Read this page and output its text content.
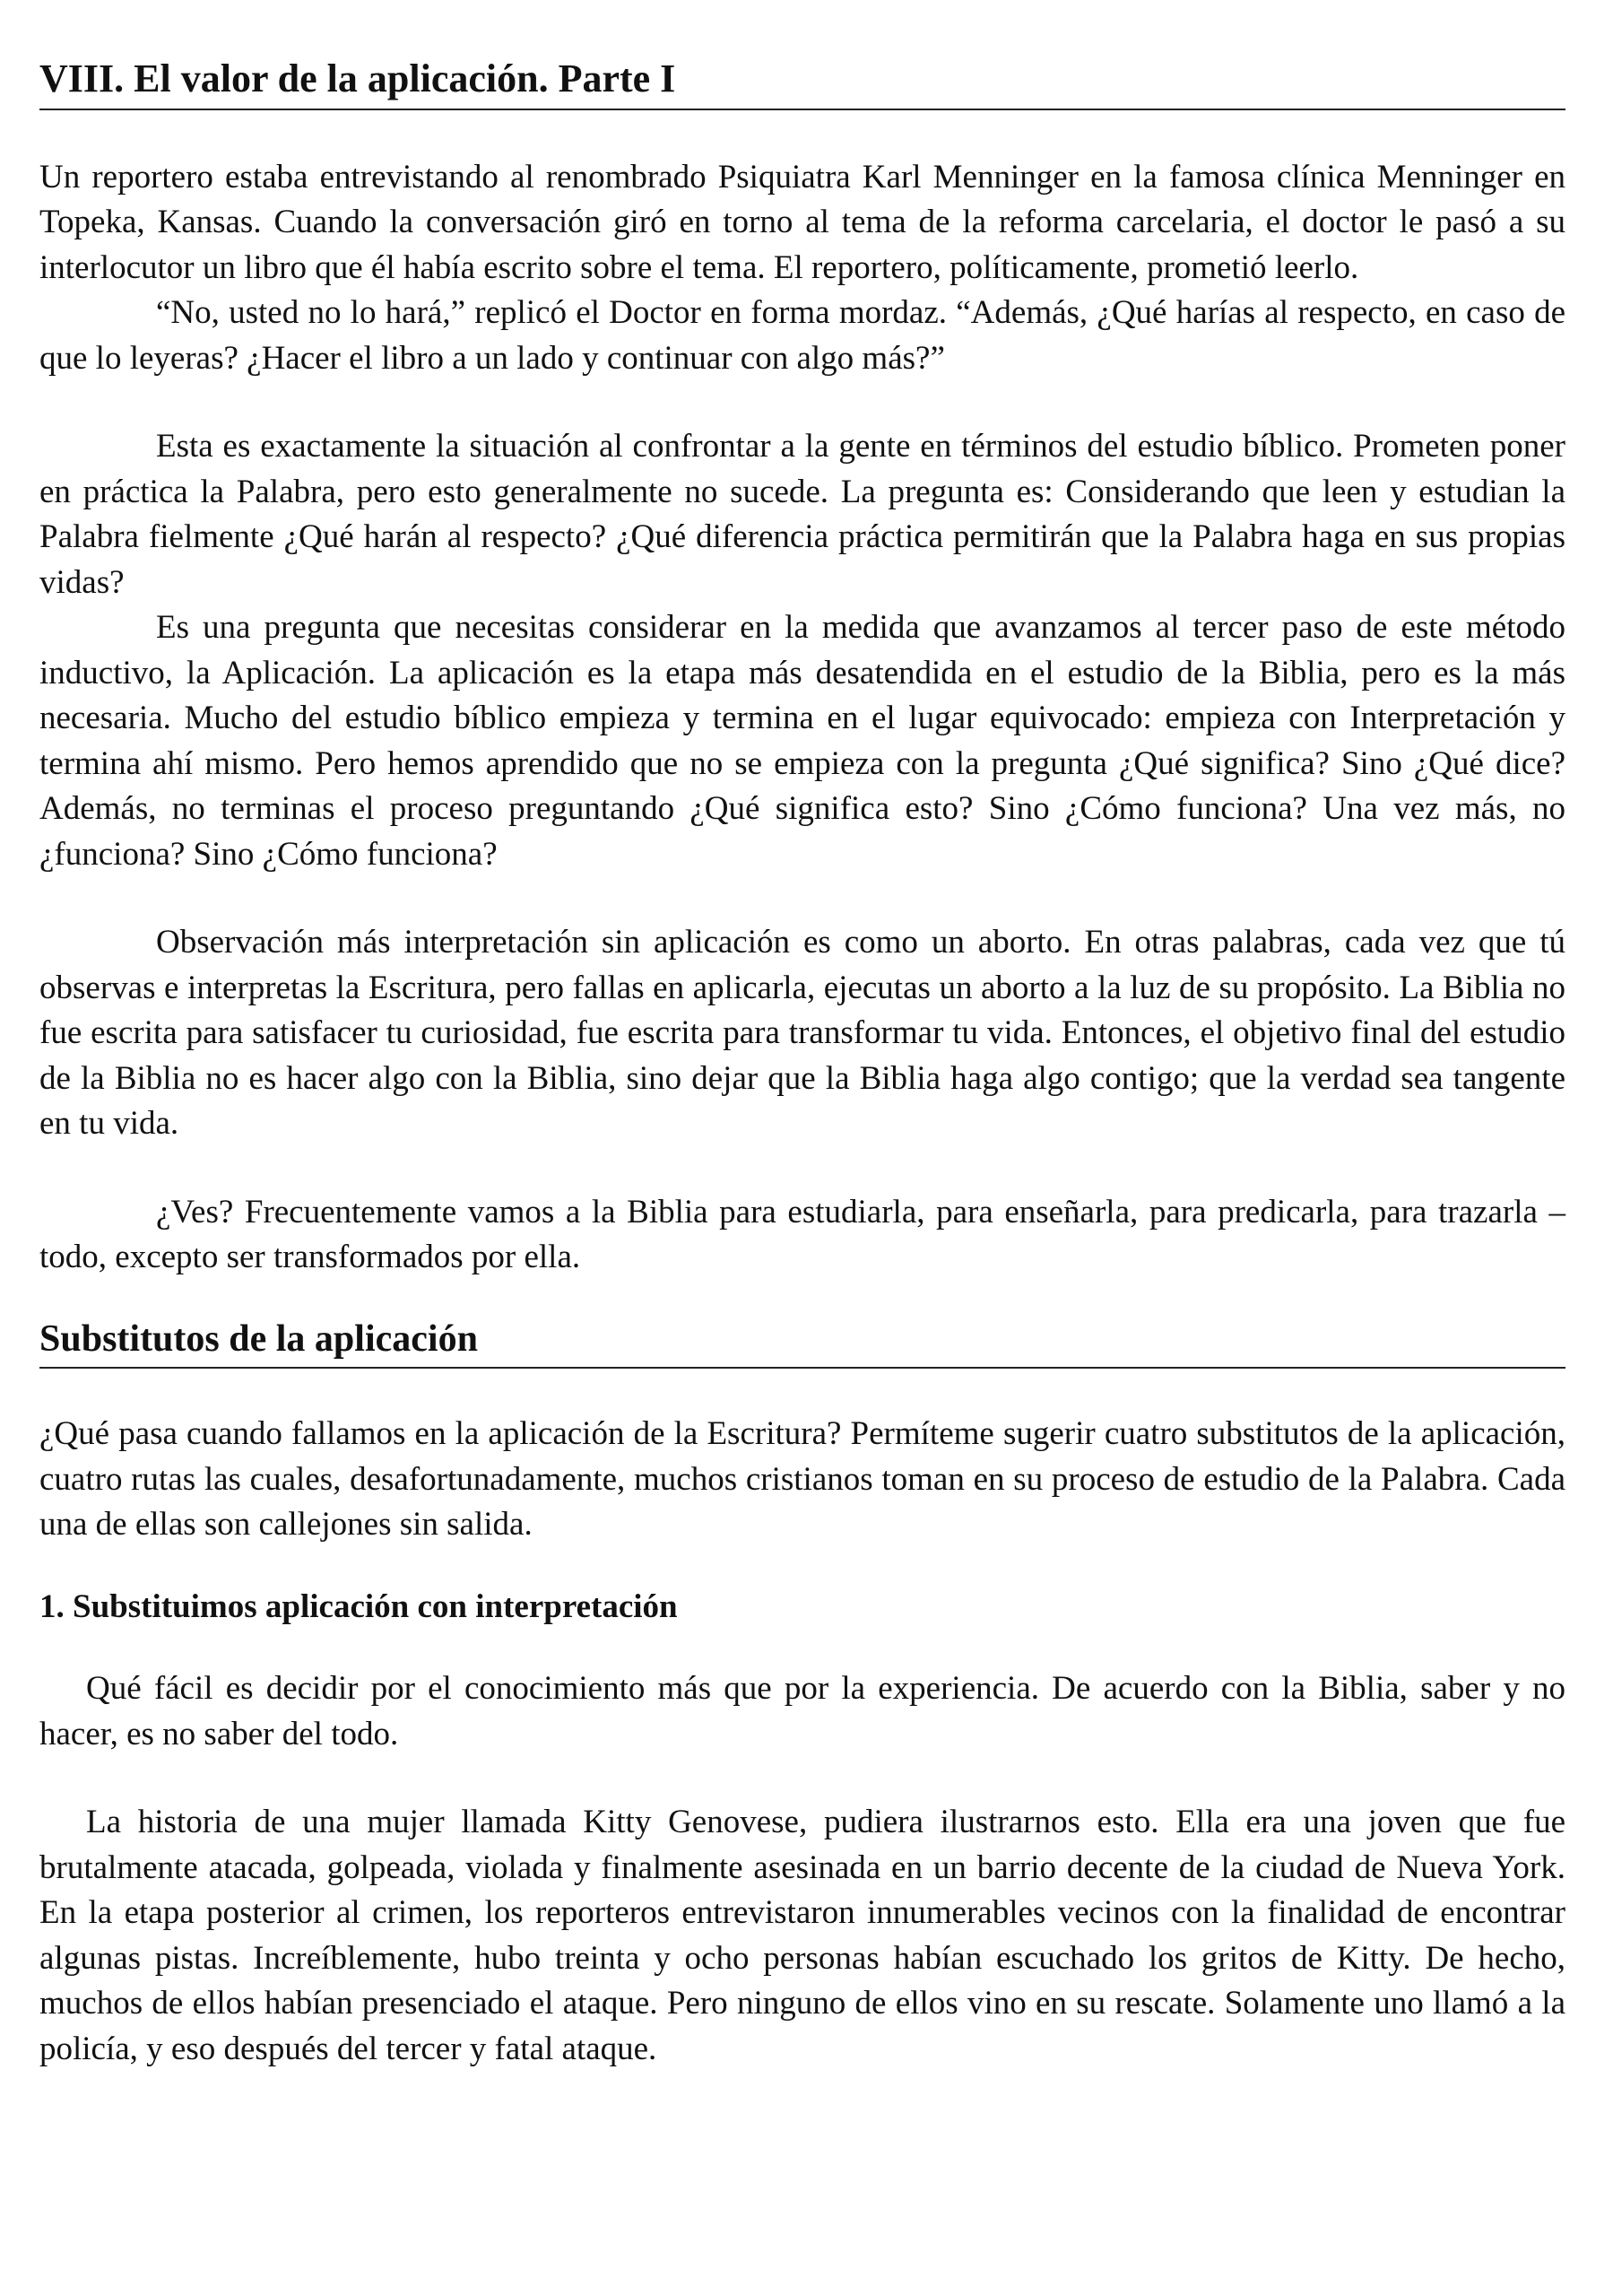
VIII. El valor de la aplicación. Parte I

Un reportero estaba entrevistando al renombrado Psiquiatra Karl Menninger en la famosa clínica Menninger en Topeka, Kansas. Cuando la conversación giró en torno al tema de la reforma carcelaria, el doctor le pasó a su interlocutor un libro que él había escrito sobre el tema. El reportero, políticamente, prometió leerlo.

“No, usted no lo hará,” replicó el Doctor en forma mordaz. “Además, ¿Qué harías al respecto, en caso de que lo leyeras? ¿Hacer el libro a un lado y continuar con algo más?”

Esta es exactamente la situación al confrontar a la gente en términos del estudio bíblico. Prometen poner en práctica la Palabra, pero esto generalmente no sucede. La pregunta es: Considerando que leen y estudian la Palabra fielmente ¿Qué harán al respecto? ¿Qué diferencia práctica permitirán que la Palabra haga en sus propias vidas?

Es una pregunta que necesitas considerar en la medida que avanzamos al tercer paso de este método inductivo, la Aplicación. La aplicación es la etapa más desatendida en el estudio de la Biblia, pero es la más necesaria. Mucho del estudio bíblico empieza y termina en el lugar equivocado: empieza con Interpretación y termina ahí mismo. Pero hemos aprendido que no se empieza con la pregunta ¿Qué significa? Sino ¿Qué dice? Además, no terminas el proceso preguntando ¿Qué significa esto? Sino ¿Cómo funciona? Una vez más, no ¿funciona? Sino ¿Cómo funciona?

Observación más interpretación sin aplicación es como un aborto. En otras palabras, cada vez que tú observas e interpretas la Escritura, pero fallas en aplicarla, ejecutas un aborto a la luz de su propósito. La Biblia no fue escrita para satisfacer tu curiosidad, fue escrita para transformar tu vida. Entonces, el objetivo final del estudio de la Biblia no es hacer algo con la Biblia, sino dejar que la Biblia haga algo contigo; que la verdad sea tangente en tu vida.

¿Ves? Frecuentemente vamos a la Biblia para estudiarla, para enseñarla, para predicarla, para trazarla –todo, excepto ser transformados por ella.

Substitutos de la aplicación

¿Qué pasa cuando fallamos en la aplicación de la Escritura? Permíteme sugerir cuatro substitutos de la aplicación, cuatro rutas las cuales, desafortunadamente, muchos cristianos toman en su proceso de estudio de la Palabra. Cada una de ellas son callejones sin salida.

1. Substituimos aplicación con interpretación

Qué fácil es decidir por el conocimiento más que por la experiencia. De acuerdo con la Biblia, saber y no hacer, es no saber del todo.

La historia de una mujer llamada Kitty Genovese, pudiera ilustrarnos esto. Ella era una joven que fue brutalmente atacada, golpeada, violada y finalmente asesinada en un barrio decente de la ciudad de Nueva York. En la etapa posterior al crimen, los reporteros entrevistaron innumerables vecinos con la finalidad de encontrar algunas pistas. Increíblemente, hubo treinta y ocho personas habían escuchado los gritos de Kitty. De hecho, muchos de ellos habían presenciado el ataque. Pero ninguno de ellos vino en su rescate. Solamente uno llamó a la policía, y eso después del tercer y fatal ataque.
